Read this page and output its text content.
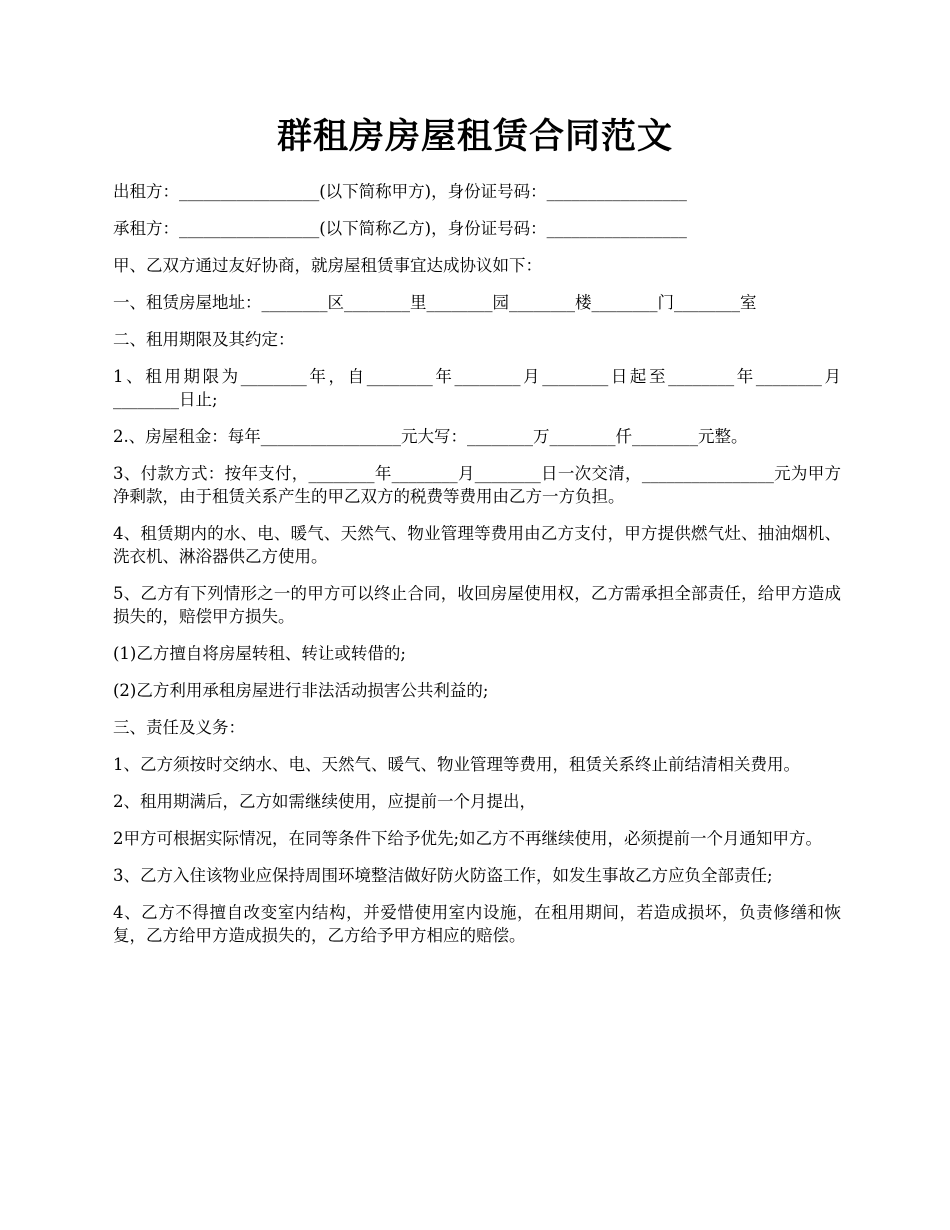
群租房房屋租赁合同范文

出租方：_________________(以下简称甲方)，身份证号码：_________________

承租方：_________________(以下简称乙方)，身份证号码：_________________

甲、乙双方通过友好协商，就房屋租赁事宜达成协议如下：

一、租赁房屋地址：________区________里________园________楼________门________室

二、租用期限及其约定：

1、租用期限为________年，自________年________月________日起至________年________月________日止;

2.、房屋租金：每年_________________元大写：________万________仟________元整。

3、付款方式：按年支付，________年________月________日一次交清，________________元为甲方净剩款，由于租赁关系产生的甲乙双方的税费等费用由乙方一方负担。

4、租赁期内的水、电、暖气、天然气、物业管理等费用由乙方支付，甲方提供燃气灶、抽油烟机、洗衣机、淋浴器供乙方使用。

5、乙方有下列情形之一的甲方可以终止合同，收回房屋使用权，乙方需承担全部责任，给甲方造成损失的，赔偿甲方损失。

(1)乙方擅自将房屋转租、转让或转借的;

(2)乙方利用承租房屋进行非法活动损害公共利益的;

三、责任及义务：

1、乙方须按时交纳水、电、天然气、暖气、物业管理等费用，租赁关系终止前结清相关费用。

2、租用期满后，乙方如需继续使用，应提前一个月提出，

2甲方可根据实际情况，在同等条件下给予优先;如乙方不再继续使用，必须提前一个月通知甲方。

3、乙方入住该物业应保持周围环境整洁做好防火防盗工作，如发生事故乙方应负全部责任;

4、乙方不得擅自改变室内结构，并爱惜使用室内设施，在租用期间，若造成损坏，负责修缮和恢复，乙方给甲方造成损失的，乙方给予甲方相应的赔偿。
